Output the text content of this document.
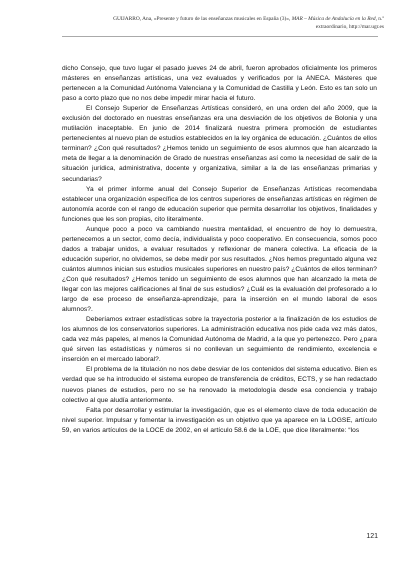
GUIJARRO, Ana, «Presente y futuro de las enseñanzas musicales en España (3)», MAR – Música de Andalucía en la Red, n.º extraordinario, http://mar.ugr.es

dicho Consejo, que tuvo lugar el pasado jueves 24 de abril, fueron aprobados oficialmente los primeros másteres en enseñanzas artísticas, una vez evaluados y verificados por la ANECA. Másteres que pertenecen a la Comunidad Autónoma Valenciana y la Comunidad de Castilla y León. Esto es tan solo un paso a corto plazo que no nos debe impedir mirar hacia el futuro.

El Consejo Superior de Enseñanzas Artísticas consideró, en una orden del año 2009, que la exclusión del doctorado en nuestras enseñanzas era una desviación de los objetivos de Bolonia y una mutilación inaceptable. En junio de 2014 finalizará nuestra primera promoción de estudiantes pertenecientes al nuevo plan de estudios establecidos en la ley orgánica de educación. ¿Cuántos de ellos terminan? ¿Con qué resultados? ¿Hemos tenido un seguimiento de esos alumnos que han alcanzado la meta de llegar a la denominación de Grado de nuestras enseñanzas así como la necesidad de salir de la situación jurídica, administrativa, docente y organizativa, similar a la de las enseñanzas primarias y secundarias?

Ya el primer informe anual del Consejo Superior de Enseñanzas Artísticas recomendaba establecer una organización específica de los centros superiores de enseñanzas artísticas en régimen de autonomía acorde con el rango de educación superior que permita desarrollar los objetivos, finalidades y funciones que les son propias, cito literalmente.

Aunque poco a poco va cambiando nuestra mentalidad, el encuentro de hoy lo demuestra, pertenecemos a un sector, como decía, individualista y poco cooperativo. En consecuencia, somos poco dados a trabajar unidos, a evaluar resultados y reflexionar de manera colectiva. La eficacia de la educación superior, no olvidemos, se debe medir por sus resultados. ¿Nos hemos preguntado alguna vez cuántos alumnos inician sus estudios musicales superiores en nuestro país? ¿Cuántos de ellos terminan? ¿Con qué resultados? ¿Hemos tenido un seguimiento de esos alumnos que han alcanzado la meta de llegar con las mejores calificaciones al final de sus estudios? ¿Cuál es la evaluación del profesorado a lo largo de ese proceso de enseñanza-aprendizaje, para la inserción en el mundo laboral de esos alumnos?.

Deberíamos extraer estadísticas sobre la trayectoria posterior a la finalización de los estudios de los alumnos de los conservatorios superiores. La administración educativa nos pide cada vez más datos, cada vez más papeles, al menos la Comunidad Autónoma de Madrid, a la que yo pertenezco. Pero ¿para qué sirven las estadísticas y números si no conllevan un seguimiento de rendimiento, excelencia e inserción en el mercado laboral?.

El problema de la titulación no nos debe desviar de los contenidos del sistema educativo. Bien es verdad que se ha introducido el sistema europeo de transferencia de créditos, ECTS, y se han redactado nuevos planes de estudios, pero no se ha renovado la metodología desde esa conciencia y trabajo colectivo al que aludía anteriormente.

Falta por desarrollar y estimular la investigación, que es el elemento clave de toda educación de nivel superior. Impulsar y fomentar la investigación es un objetivo que ya aparece en la LOGSE, artículo 59, en varios artículos de la LOCE de 2002, en el artículo 58.6 de la LOE, que dice literalmente: “los

121
